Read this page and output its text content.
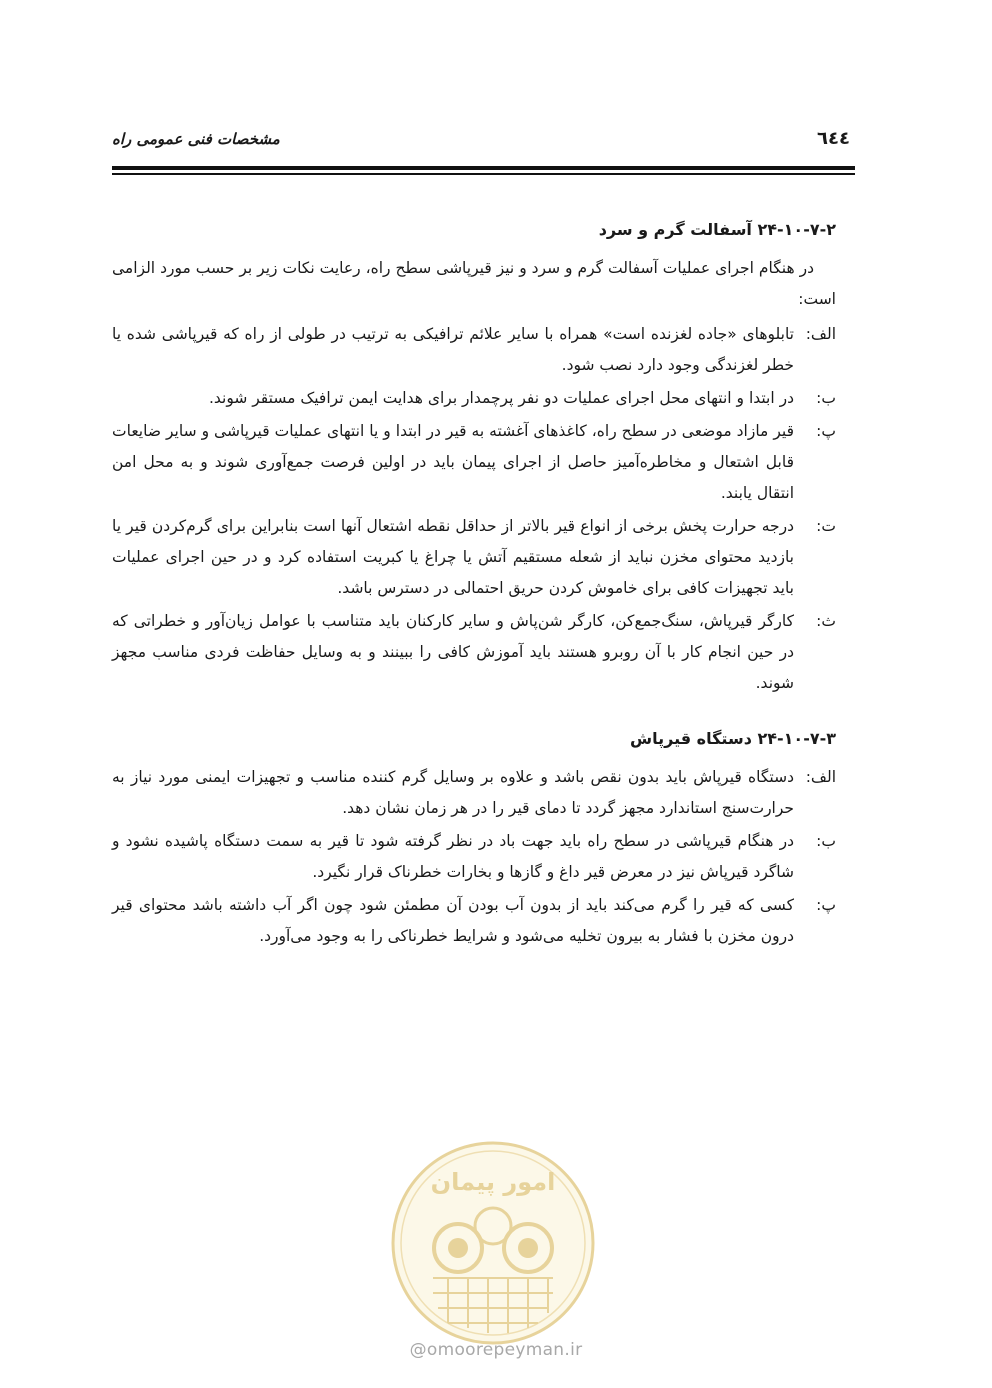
٦٤٤
مشخصات فنی عمومی راه
۲۴-۱۰-۷-۲ آسفالت گرم و سرد

در هنگام اجرای عملیات آسفالت گرم و سرد و نیز قیرپاشی سطح راه، رعایت نکات زیر بر حسب مورد الزامی است:

الف:
تابلوهای «جاده لغزنده است» همراه با سایر علائم ترافیکی به ترتیب در طولی از راه که قیرپاشی شده یا خطر لغزندگی وجود دارد نصب شود.
ب:
در ابتدا و انتهای محل اجرای عملیات دو نفر پرچمدار برای هدایت ایمن ترافیک مستقر شوند.
پ:
قیر مازاد موضعی در سطح راه، کاغذهای آغشته به قیر در ابتدا و یا انتهای عملیات قیرپاشی و سایر ضایعات قابل اشتعال و مخاطره‌آمیز حاصل از اجرای پیمان باید در اولین فرصت جمع‌آوری شوند و به محل امن انتقال یابند.
ت:
درجه حرارت پخش برخی از انواع قیر بالاتر از حداقل نقطه اشتعال آنها است بنابراین برای گرم‌کردن قیر یا بازدید محتوای مخزن نباید از شعله مستقیم آتش یا چراغ یا کبریت استفاده کرد و در حین اجرای عملیات باید تجهیزات کافی برای خاموش کردن حریق احتمالی در دسترس باشد.
ث:
کارگر قیرپاش، سنگ‌جمع‌کن، کارگر شن‌پاش و سایر کارکنان باید متناسب با عوامل زیان‌آور و خطراتی که در حین انجام کار با آن روبرو هستند باید آموزش کافی را ببینند و به وسایل حفاظت فردی مناسب مجهز شوند.
۲۴-۱۰-۷-۳ دستگاه قیرپاش
الف:
دستگاه قیرپاش باید بدون نقص باشد و علاوه بر وسایل گرم کننده مناسب و تجهیزات ایمنی مورد نیاز به حرارت‌سنج استاندارد مجهز گردد تا دمای قیر را در هر زمان نشان دهد.
ب:
در هنگام قیرپاشی در سطح راه باید جهت باد در نظر گرفته شود تا قیر به سمت دستگاه پاشیده نشود و شاگرد قیرپاش نیز در معرض قیر داغ و گازها و بخارات خطرناک قرار نگیرد.
پ:
کسی که قیر را گرم می‌کند باید از بدون آب بودن آن مطمئن شود چون اگر آب داشته باشد محتوای قیر درون مخزن با فشار به بیرون تخلیه می‌شود و شرایط خطرناکی را به وجود می‌آورد.
امور پیمان
@omoorepeyman.ir
